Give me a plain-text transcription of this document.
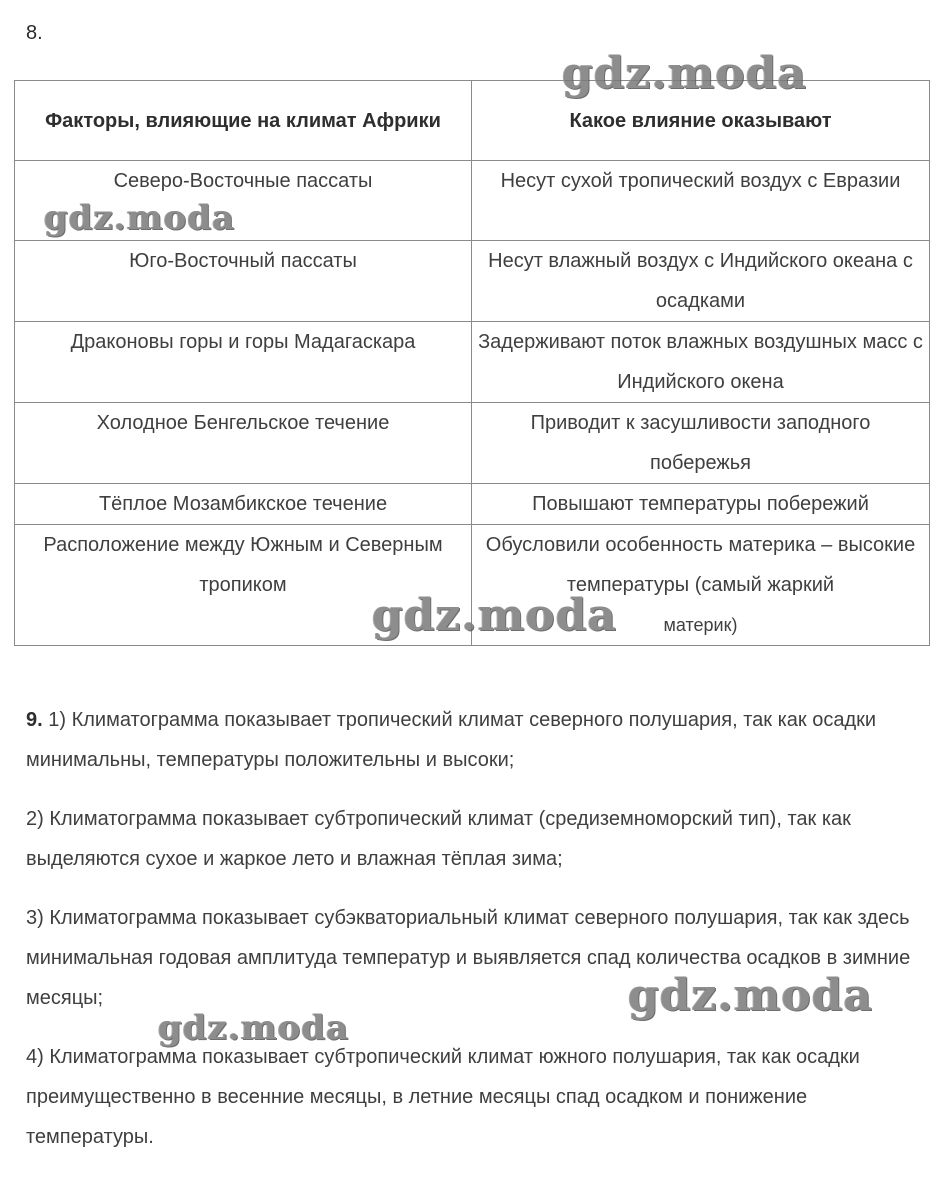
8.
Факторы, влияющие на климат Африки	Какое влияние оказывают
Северо-Восточные пассаты	Несут сухой тропический воздух с Евразии
Юго-Восточный пассаты	Несут влажный воздух с Индийского океана с осадками
Драконовы горы и горы Мадагаскара	Задерживают поток влажных воздушных масс с Индийского окена
Холодное Бенгельское течение	Приводит к засушливости заподного побережья
Тёплое Мозамбикское течение	Повышают температуры побережий
Расположение между Южным и Северным тропиком	Обусловили особенность материка – высокие температуры (самый жаркий
материк)

9. 1) Климатограмма показывает тропический климат северного полушария, так как осадки минимальны, температуры положительны и высоки;

2) Климатограмма показывает субтропический климат (средиземноморский тип), так как выделяются сухое и жаркое лето и влажная тёплая зима;

3) Климатограмма показывает субэкваториальный климат северного полушария, так как здесь минимальная годовая амплитуда температур и выявляется спад количества осадков в зимние месяцы;

4) Климатограмма показывает субтропический климат южного полушария, так как осадки преимущественно в весенние месяцы, в летние месяцы спад осадком и понижение температуры.

gdz.moda
gdz.moda
gdz.moda
gdz.moda
gdz.moda
